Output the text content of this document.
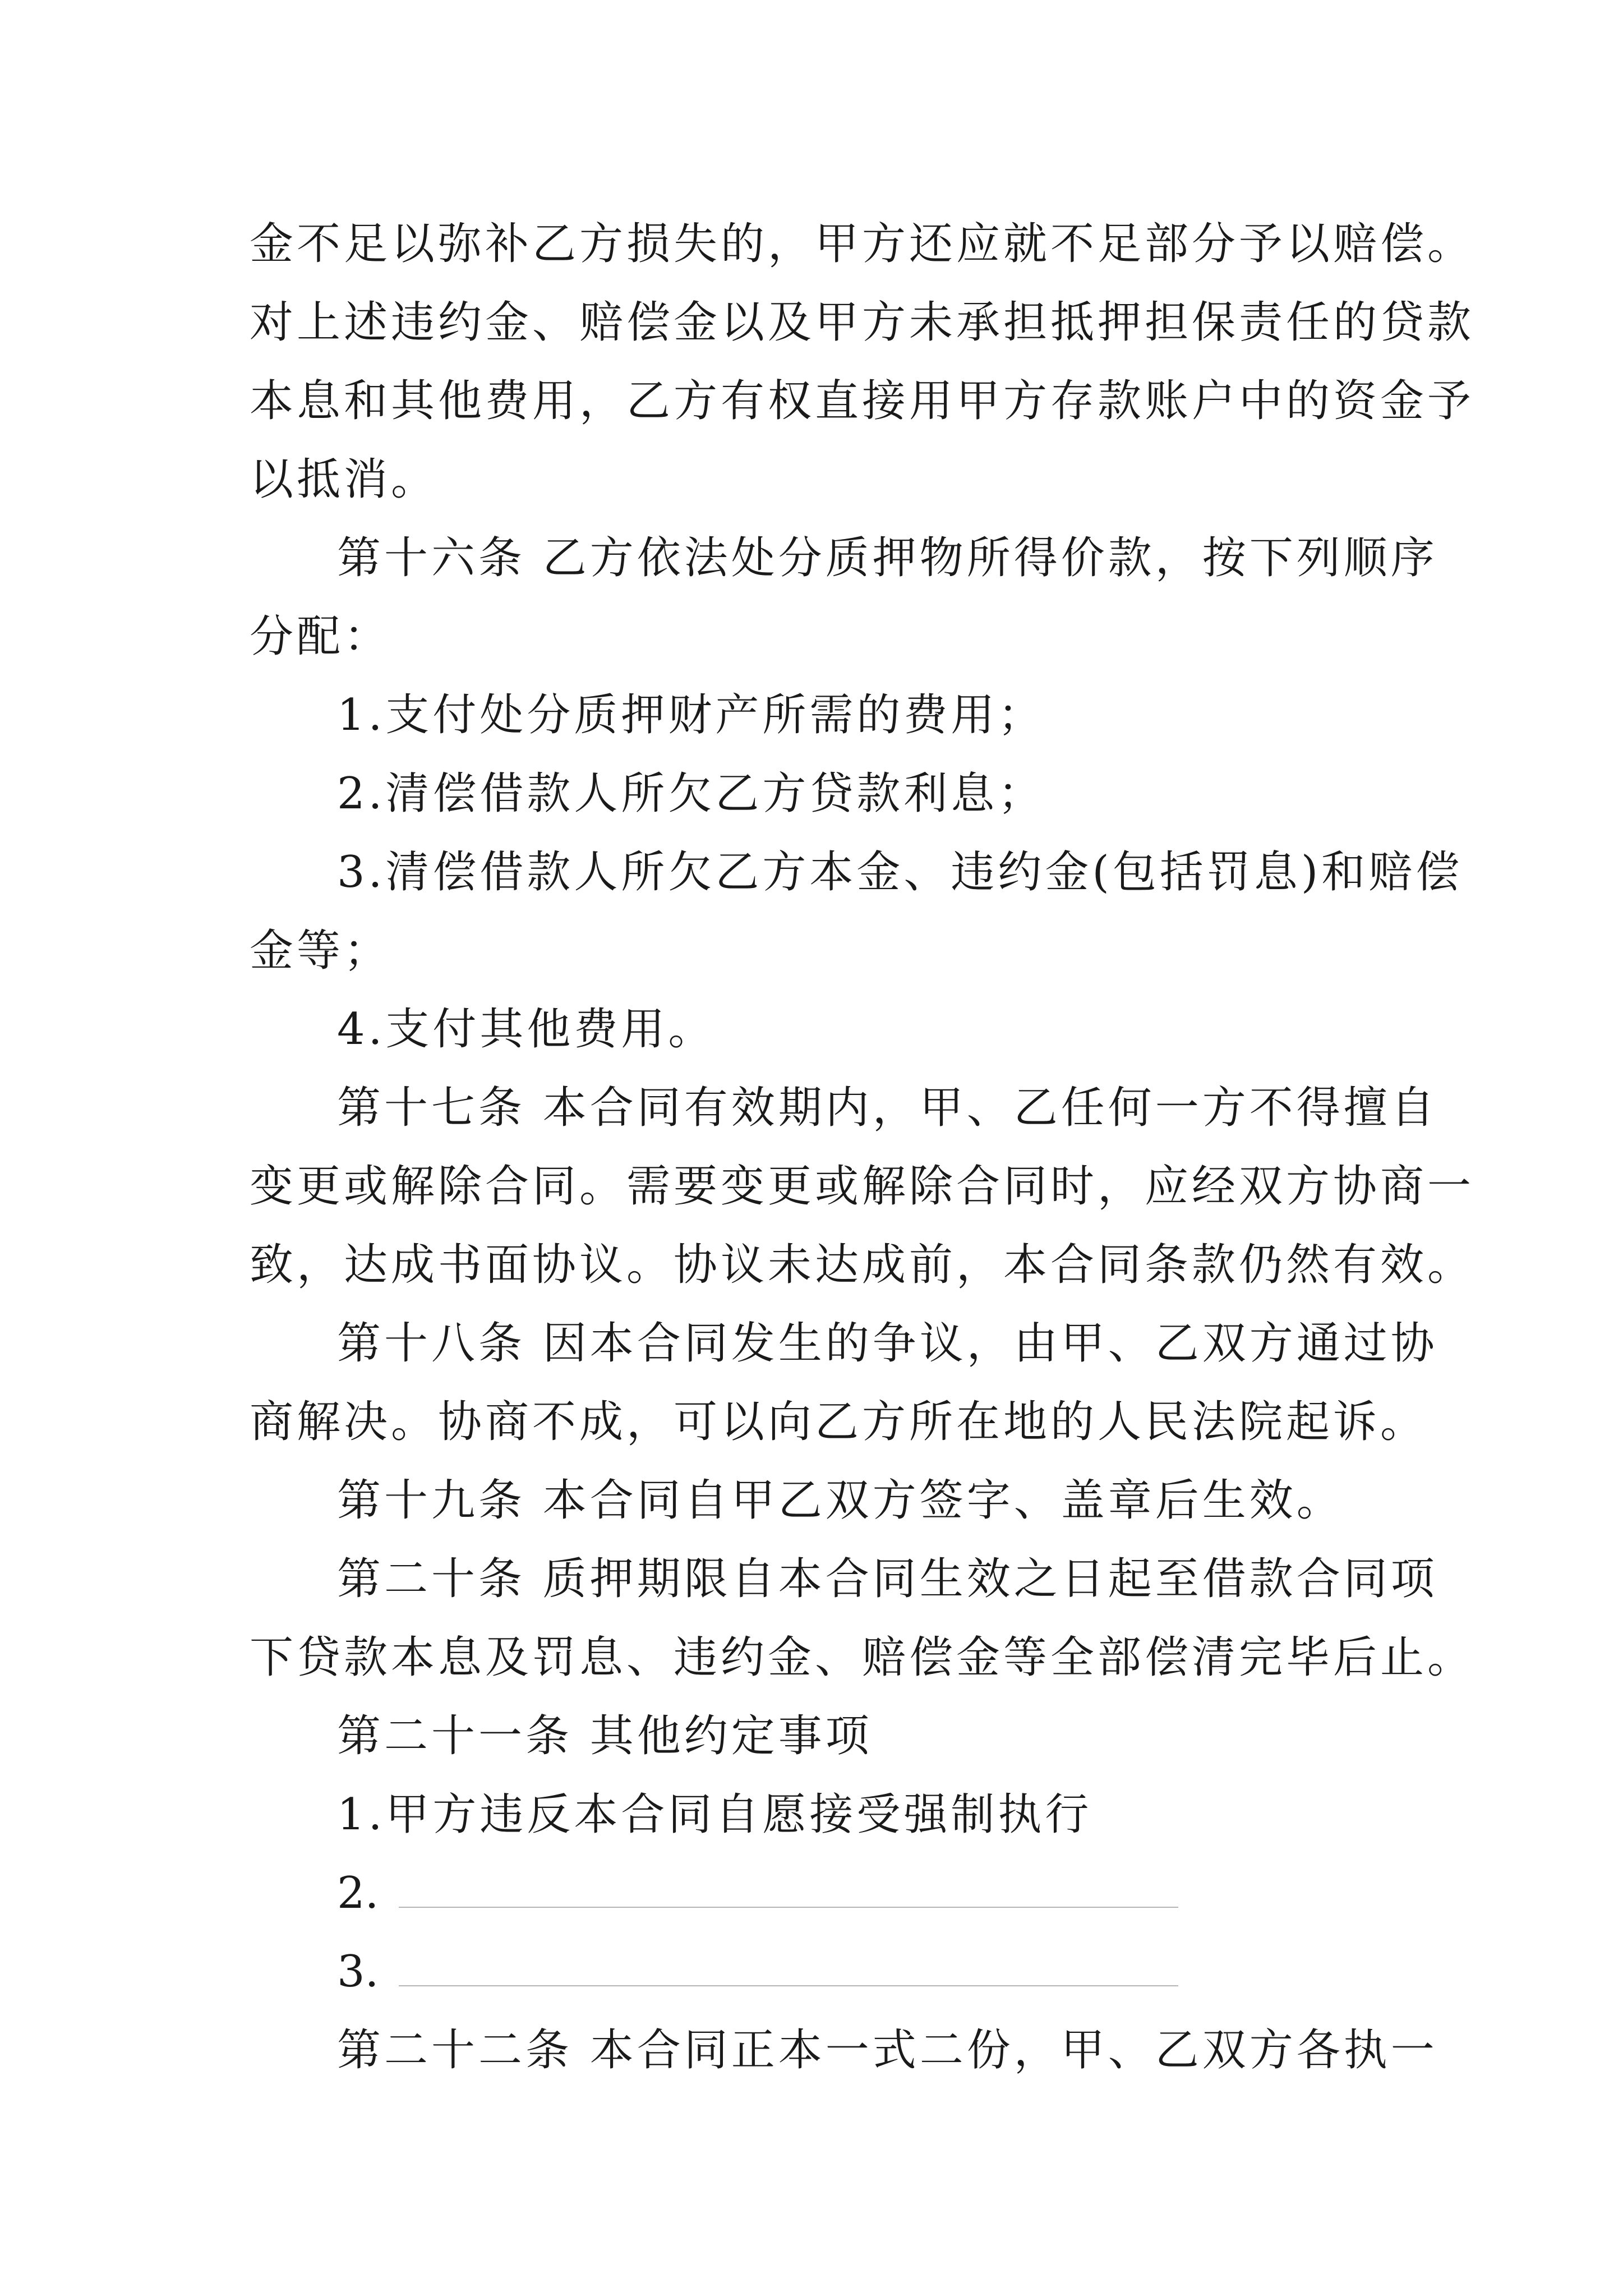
金不足以弥补乙方损失的，甲方还应就不足部分予以赔偿。
对上述违约金、赔偿金以及甲方未承担抵押担保责任的贷款
本息和其他费用，乙方有权直接用甲方存款账户中的资金予
以抵消。
第十六条 乙方依法处分质押物所得价款，按下列顺序
分配：
1.支付处分质押财产所需的费用；
2.清偿借款人所欠乙方贷款利息；
3.清偿借款人所欠乙方本金、违约金(包括罚息)和赔偿
金等；
4.支付其他费用。
第十七条 本合同有效期内，甲、乙任何一方不得擅自
变更或解除合同。需要变更或解除合同时，应经双方协商一
致，达成书面协议。协议未达成前，本合同条款仍然有效。
第十八条 因本合同发生的争议，由甲、乙双方通过协
商解决。协商不成，可以向乙方所在地的人民法院起诉。
第十九条 本合同自甲乙双方签字、盖章后生效。
第二十条 质押期限自本合同生效之日起至借款合同项
下贷款本息及罚息、违约金、赔偿金等全部偿清完毕后止。
第二十一条 其他约定事项
1.甲方违反本合同自愿接受强制执行
2.
3.
第二十二条 本合同正本一式二份，甲、乙双方各执一
